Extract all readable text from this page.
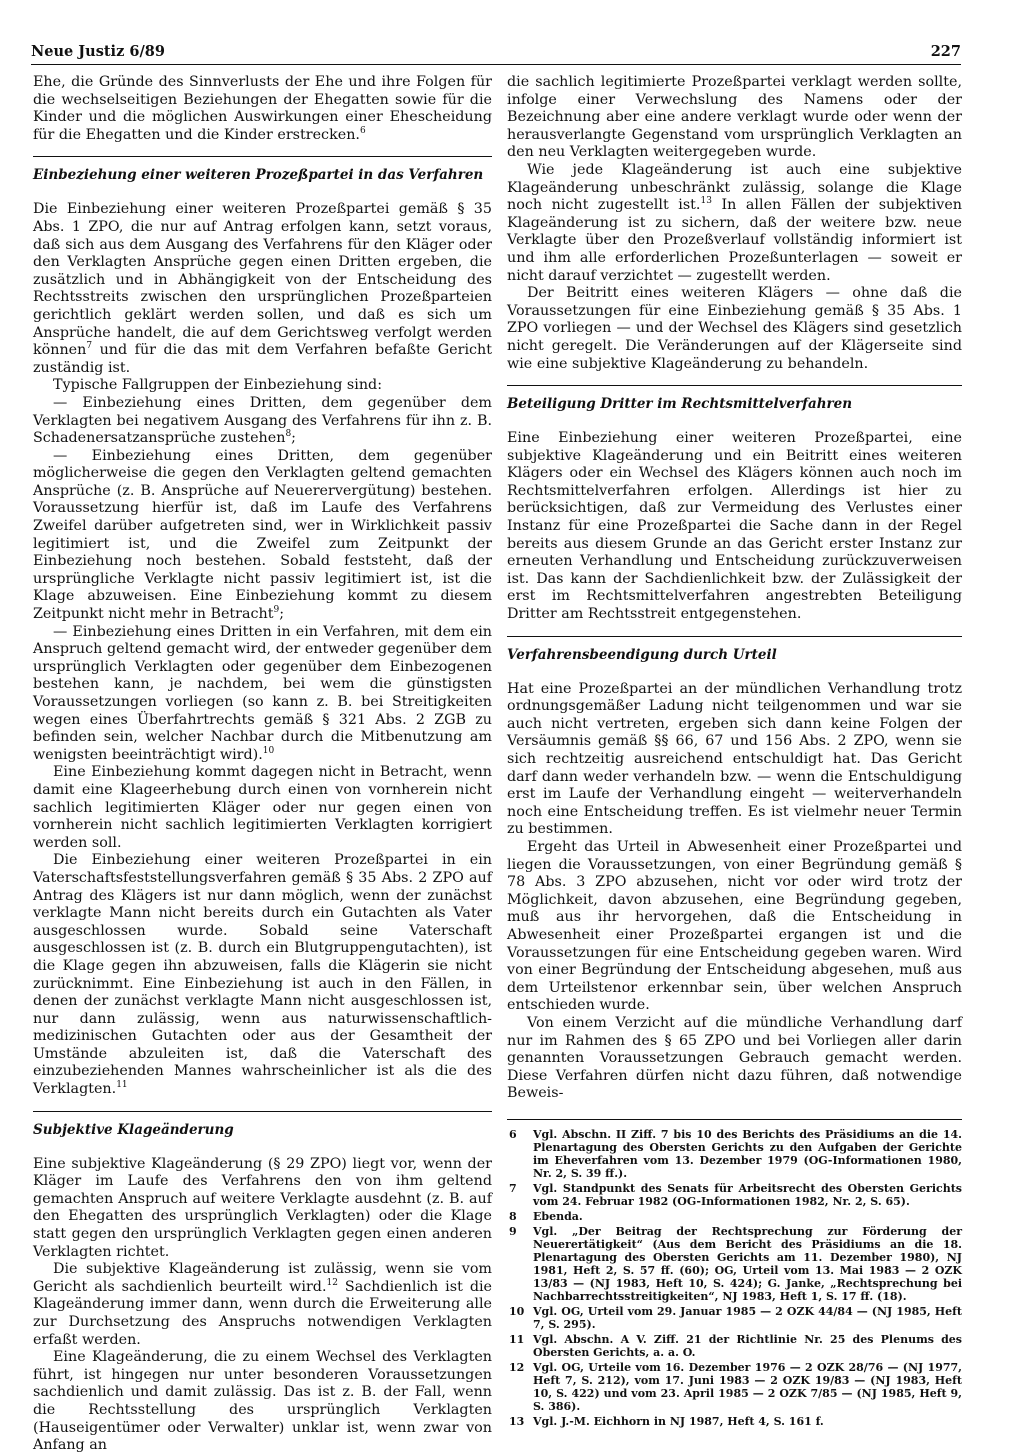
Neue Justiz 6/89	227

Ehe, die Gründe des Sinnverlusts der Ehe und ihre Folgen für die wechselseitigen Beziehungen der Ehegatten sowie für die Kinder und die möglichen Auswirkungen einer Ehescheidung für die Ehegatten und die Kinder erstrecken.$^6$

Einbeziehung einer weiteren Prozeßpartei in das Verfahren

Die Einbeziehung einer weiteren Prozeßpartei gemäß § 35 Abs. 1 ZPO, die nur auf Antrag erfolgen kann, setzt voraus, daß sich aus dem Ausgang des Verfahrens für den Kläger oder den Verklagten Ansprüche gegen einen Dritten ergeben, die zusätzlich und in Abhängigkeit von der Entscheidung des Rechtsstreits zwischen den ursprünglichen Prozeßparteien gerichtlich geklärt werden sollen, und daß es sich um Ansprüche handelt, die auf dem Gerichtsweg verfolgt werden können$^7$ und für die das mit dem Verfahren befaßte Gericht zuständig ist.

Typische Fallgruppen der Einbeziehung sind:

— Einbeziehung eines Dritten, dem gegenüber dem Verklagten bei negativem Ausgang des Verfahrens für ihn z. B. Schadenersatzansprüche zustehen$^8$;

— Einbeziehung eines Dritten, dem gegenüber möglicherweise die gegen den Verklagten geltend gemachten Ansprüche (z. B. Ansprüche auf Neuerervergütung) bestehen. Voraussetzung hierfür ist, daß im Laufe des Verfahrens Zweifel darüber aufgetreten sind, wer in Wirklichkeit passiv legitimiert ist, und die Zweifel zum Zeitpunkt der Einbeziehung noch bestehen. Sobald feststeht, daß der ursprüngliche Verklagte nicht passiv legitimiert ist, ist die Klage abzuweisen. Eine Einbeziehung kommt zu diesem Zeitpunkt nicht mehr in Betracht$^9$;

— Einbeziehung eines Dritten in ein Verfahren, mit dem ein Anspruch geltend gemacht wird, der entweder gegenüber dem ursprünglich Verklagten oder gegenüber dem Einbezogenen bestehen kann, je nachdem, bei wem die günstigsten Voraussetzungen vorliegen (so kann z. B. bei Streitigkeiten wegen eines Überfahrtrechts gemäß § 321 Abs. 2 ZGB zu befinden sein, welcher Nachbar durch die Mitbenutzung am wenigsten beeinträchtigt wird).$^{10}$

Eine Einbeziehung kommt dagegen nicht in Betracht, wenn damit eine Klageerhebung durch einen von vornherein nicht sachlich legitimierten Kläger oder nur gegen einen von vornherein nicht sachlich legitimierten Verklagten korrigiert werden soll.

Die Einbeziehung einer weiteren Prozeßpartei in ein Vaterschaftsfeststellungsverfahren gemäß § 35 Abs. 2 ZPO auf Antrag des Klägers ist nur dann möglich, wenn der zunächst verklagte Mann nicht bereits durch ein Gutachten als Vater ausgeschlossen wurde. Sobald seine Vaterschaft ausgeschlossen ist (z. B. durch ein Blutgruppengutachten), ist die Klage gegen ihn abzuweisen, falls die Klägerin sie nicht zurücknimmt. Eine Einbeziehung ist auch in den Fällen, in denen der zunächst verklagte Mann nicht ausgeschlossen ist, nur dann zulässig, wenn aus naturwissenschaftlich-medizinischen Gutachten oder aus der Gesamtheit der Umstände abzuleiten ist, daß die Vaterschaft des einzubeziehenden Mannes wahrscheinlicher ist als die des Verklagten.$^{11}$

Subjektive Klageänderung

Eine subjektive Klageänderung (§ 29 ZPO) liegt vor, wenn der Kläger im Laufe des Verfahrens den von ihm geltend gemachten Anspruch auf weitere Verklagte ausdehnt (z. B. auf den Ehegatten des ursprünglich Verklagten) oder die Klage statt gegen den ursprünglich Verklagten gegen einen anderen Verklagten richtet.

Die subjektive Klageänderung ist zulässig, wenn sie vom Gericht als sachdienlich beurteilt wird.$^{12}$ Sachdienlich ist die Klageänderung immer dann, wenn durch die Erweiterung alle zur Durchsetzung des Anspruchs notwendigen Verklagten erfaßt werden.

Eine Klageänderung, die zu einem Wechsel des Verklagten führt, ist hingegen nur unter besonderen Voraussetzungen sachdienlich und damit zulässig. Das ist z. B. der Fall, wenn die Rechtsstellung des ursprünglich Verklagten (Hauseigentümer oder Verwalter) unklar ist, wenn zwar von Anfang an

die sachlich legitimierte Prozeßpartei verklagt werden sollte, infolge einer Verwechslung des Namens oder der Bezeichnung aber eine andere verklagt wurde oder wenn der herausverlangte Gegenstand vom ursprünglich Verklagten an den neu Verklagten weitergegeben wurde.

Wie jede Klageänderung ist auch eine subjektive Klageänderung unbeschränkt zulässig, solange die Klage noch nicht zugestellt ist.$^{13}$ In allen Fällen der subjektiven Klageänderung ist zu sichern, daß der weitere bzw. neue Verklagte über den Prozeßverlauf vollständig informiert ist und ihm alle erforderlichen Prozeßunterlagen — soweit er nicht darauf verzichtet — zugestellt werden.

Der Beitritt eines weiteren Klägers — ohne daß die Voraussetzungen für eine Einbeziehung gemäß § 35 Abs. 1 ZPO vorliegen — und der Wechsel des Klägers sind gesetzlich nicht geregelt. Die Veränderungen auf der Klägerseite sind wie eine subjektive Klageänderung zu behandeln.

Beteiligung Dritter im Rechtsmittelverfahren

Eine Einbeziehung einer weiteren Prozeßpartei, eine subjektive Klageänderung und ein Beitritt eines weiteren Klägers oder ein Wechsel des Klägers können auch noch im Rechtsmittelverfahren erfolgen. Allerdings ist hier zu berücksichtigen, daß zur Vermeidung des Verlustes einer Instanz für eine Prozeßpartei die Sache dann in der Regel bereits aus diesem Grunde an das Gericht erster Instanz zur erneuten Verhandlung und Entscheidung zurückzuverweisen ist. Das kann der Sachdienlichkeit bzw. der Zulässigkeit der erst im Rechtsmittelverfahren angestrebten Beteiligung Dritter am Rechtsstreit entgegenstehen.

Verfahrensbeendigung durch Urteil

Hat eine Prozeßpartei an der mündlichen Verhandlung trotz ordnungsgemäßer Ladung nicht teilgenommen und war sie auch nicht vertreten, ergeben sich dann keine Folgen der Versäumnis gemäß §§ 66, 67 und 156 Abs. 2 ZPO, wenn sie sich rechtzeitig ausreichend entschuldigt hat. Das Gericht darf dann weder verhandeln bzw. — wenn die Entschuldigung erst im Laufe der Verhandlung eingeht — weiterverhandeln noch eine Entscheidung treffen. Es ist vielmehr neuer Termin zu bestimmen.

Ergeht das Urteil in Abwesenheit einer Prozeßpartei und liegen die Voraussetzungen, von einer Begründung gemäß § 78 Abs. 3 ZPO abzusehen, nicht vor oder wird trotz der Möglichkeit, davon abzusehen, eine Begründung gegeben, muß aus ihr hervorgehen, daß die Entscheidung in Abwesenheit einer Prozeßpartei ergangen ist und die Voraussetzungen für eine Entscheidung gegeben waren. Wird von einer Begründung der Entscheidung abgesehen, muß aus dem Urteilstenor erkennbar sein, über welchen Anspruch entschieden wurde.

Von einem Verzicht auf die mündliche Verhandlung darf nur im Rahmen des § 65 ZPO und bei Vorliegen aller darin genannten Voraussetzungen Gebrauch gemacht werden. Diese Verfahren dürfen nicht dazu führen, daß notwendige Beweis-

6 Vgl. Abschn. II Ziff. 7 bis 10 des Berichts des Präsidiums an die 14. Plenartagung des Obersten Gerichts zu den Aufgaben der Gerichte im Eheverfahren vom 13. Dezember 1979 (OG-Informationen 1980, Nr. 2, S. 39 ff.).
7 Vgl. Standpunkt des Senats für Arbeitsrecht des Obersten Gerichts vom 24. Februar 1982 (OG-Informationen 1982, Nr. 2, S. 65).
8 Ebenda.
9 Vgl. „Der Beitrag der Rechtsprechung zur Förderung der Neuerertätigkeit“ (Aus dem Bericht des Präsidiums an die 18. Plenartagung des Obersten Gerichts am 11. Dezember 1980), NJ 1981, Heft 2, S. 57 ff. (60); OG, Urteil vom 13. Mai 1983 — 2 OZK 13/83 — (NJ 1983, Heft 10, S. 424); G. Janke, „Rechtsprechung bei Nachbarrechtsstreitigkeiten“, NJ 1983, Heft 1, S. 17 ff. (18).
10 Vgl. OG, Urteil vom 29. Januar 1985 — 2 OZK 44/84 — (NJ 1985, Heft 7, S. 295).
11 Vgl. Abschn. A V. Ziff. 21 der Richtlinie Nr. 25 des Plenums des Obersten Gerichts, a. a. O.
12 Vgl. OG, Urteile vom 16. Dezember 1976 — 2 OZK 28/76 — (NJ 1977, Heft 7, S. 212), vom 17. Juni 1983 — 2 OZK 19/83 — (NJ 1983, Heft 10, S. 422) und vom 23. April 1985 — 2 OZK 7/85 — (NJ 1985, Heft 9, S. 386).
13 Vgl. J.-M. Eichhorn in NJ 1987, Heft 4, S. 161 f.
